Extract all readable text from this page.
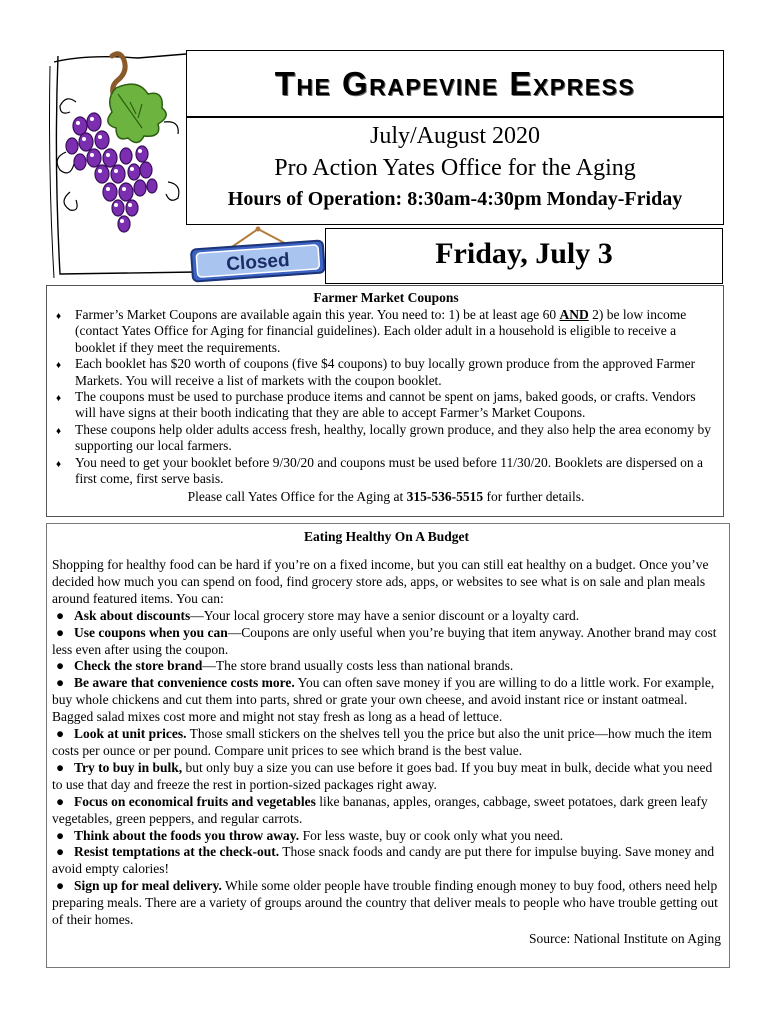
The Grapevine Express
July/August 2020
Pro Action Yates Office for the Aging
Hours of Operation: 8:30am-4:30pm Monday-Friday
Closed	Friday, July 3
Farmer Market Coupons
♦ Farmer’s Market Coupons are available again this year. You need to: 1) be at least age 60 AND 2) be low income (contact Yates Office for Aging for financial guidelines). Each older adult in a household is eligible to receive a booklet if they meet the requirements.
♦ Each booklet has $20 worth of coupons (five $4 coupons) to buy locally grown produce from the approved Farmer Markets. You will receive a list of markets with the coupon booklet.
♦ The coupons must be used to purchase produce items and cannot be spent on jams, baked goods, or crafts. Vendors will have signs at their booth indicating that they are able to accept Farmer’s Market Coupons.
♦ These coupons help older adults access fresh, healthy, locally grown produce, and they also help the area economy by supporting our local farmers.
♦ You need to get your booklet before 9/30/20 and coupons must be used before 11/30/20. Booklets are dispersed on a first come, first serve basis.
Please call Yates Office for the Aging at 315-536-5515 for further details.
Eating Healthy On A Budget

Shopping for healthy food can be hard if you’re on a fixed income, but you can still eat healthy on a budget. Once you’ve decided how much you can spend on food, find grocery store ads, apps, or websites to see what is on sale and plan meals around featured items. You can:

● Ask about discounts—Your local grocery store may have a senior discount or a loyalty card.
● Use coupons when you can—Coupons are only useful when you’re buying that item anyway. Another brand may cost less even after using the coupon.
● Check the store brand—The store brand usually costs less than national brands.
● Be aware that convenience costs more. You can often save money if you are willing to do a little work. For example, buy whole chickens and cut them into parts, shred or grate your own cheese, and avoid instant rice or instant oatmeal. Bagged salad mixes cost more and might not stay fresh as long as a head of lettuce.
● Look at unit prices. Those small stickers on the shelves tell you the price but also the unit price—how much the item costs per ounce or per pound. Compare unit prices to see which brand is the best value.
● Try to buy in bulk, but only buy a size you can use before it goes bad. If you buy meat in bulk, decide what you need to use that day and freeze the rest in portion-sized packages right away.
● Focus on economical fruits and vegetables like bananas, apples, oranges, cabbage, sweet potatoes, dark green leafy vegetables, green peppers, and regular carrots.
● Think about the foods you throw away. For less waste, buy or cook only what you need.
● Resist temptations at the check-out. Those snack foods and candy are put there for impulse buying. Save money and avoid empty calories!
● Sign up for meal delivery. While some older people have trouble finding enough money to buy food, others need help preparing meals. There are a variety of groups around the country that deliver meals to people who have trouble getting out of their homes.
Source: National Institute on Aging
